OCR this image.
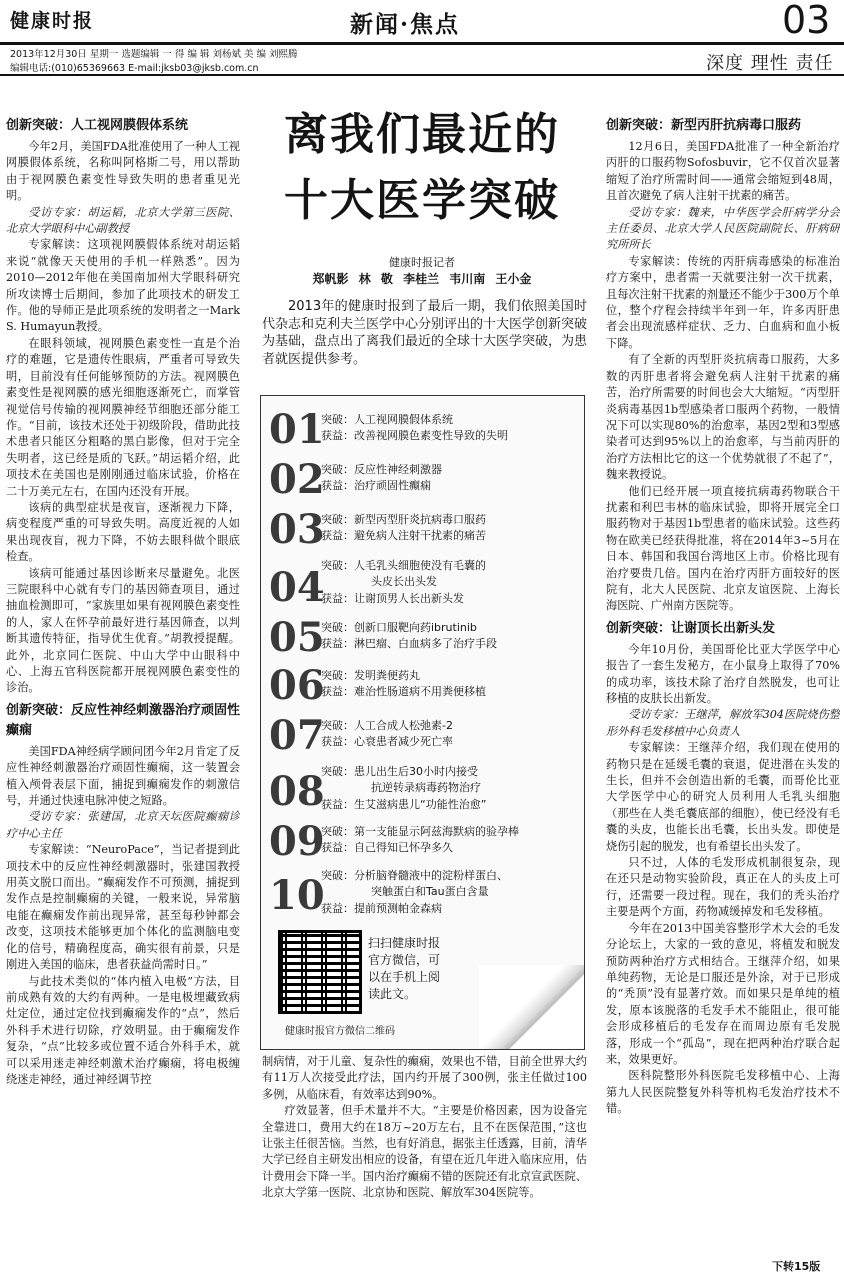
健康时报	新闻·焦点	03
2013年12月30日 星期一 选题编辑 一 得 编 辑 刘杨斌 美 编 刘熙腾
编辑电话:(010)65369663 E-mail:jksb03@jksb.com.cn	深度 理性 责任
创新突破：人工视网膜假体系统

今年2月，美国FDA批准使用了一种人工视网膜假体系统，名称叫阿格斯二号，用以帮助由于视网膜色素变性导致失明的患者重见光明。

受访专家：胡运韬，北京大学第三医院、北京大学眼科中心副教授

专家解读：这项视网膜假体系统对胡运韬来说“就像天天使用的手机一样熟悉”。因为2010—2012年他在美国南加州大学眼科研究所攻读博士后期间，参加了此项技术的研发工作。他的导师正是此项系统的发明者之一Mark S. Humayun教授。

在眼科领域，视网膜色素变性一直是个治疗的难题，它是遗传性眼病，严重者可导致失明，目前没有任何能够预防的方法。视网膜色素变性是视网膜的感光细胞逐渐死亡，而掌管视觉信号传输的视网膜神经节细胞还部分能工作。“目前，该技术还处于初级阶段，借助此技术患者只能区分粗略的黑白影像，但对于完全失明者，这已经是质的飞跃。”胡运韬介绍，此项技术在美国也是刚刚通过临床试验，价格在二十万美元左右，在国内还没有开展。

该病的典型症状是夜盲，逐渐视力下降，病变程度严重的可导致失明。高度近视的人如果出现夜盲，视力下降，不妨去眼科做个眼底检查。

该病可能通过基因诊断来尽量避免。北医三院眼科中心就有专门的基因筛查项目，通过抽血检测即可，“家族里如果有视网膜色素变性的人，家人在怀孕前最好进行基因筛查，以判断其遗传特征，指导优生优育。”胡教授提醒。此外，北京同仁医院、中山大学中山眼科中心、上海五官科医院都开展视网膜色素变性的诊治。

创新突破：反应性神经刺激器治疗顽固性癫痫

美国FDA神经病学顾问团今年2月肯定了反应性神经刺激器治疗顽固性癫痫，这一装置会植入颅骨表层下面，捕捉到癫痫发作的刺激信号，并通过快速电脉冲使之短路。

受访专家：张建国，北京天坛医院癫痫诊疗中心主任

专家解读：“NeuroPace”，当记者提到此项技术中的反应性神经刺激器时，张建国教授用英文脱口而出。“癫痫发作不可预测，捕捉到发作点是控制癫痫的关键，一般来说，异常脑电能在癫痫发作前出现异常，甚至每秒钟都会改变，这项技术能够更加个体化的监测脑电变化的信号，精确程度高，确实很有前景，只是刚进入美国的临床，患者获益尚需时日。”

与此技术类似的“体内植入电极”方法，目前成熟有效的大约有两种。一是电极埋藏致病灶定位，通过定位找到癫痫发作的“点”，然后外科手术进行切除，疗效明显。由于癫痫发作复杂，“点”比较多或位置不适合外科手术，就可以采用迷走神经刺激术治疗癫痫，将电极缠绕迷走神经，通过神经调节控

离我们最近的
十大医学突破
健康时报记者
郑帆影 林 敬 李桂兰 韦川南 王小金

2013年的健康时报到了最后一期，我们依照美国时代杂志和克利夫兰医学中心分别评出的十大医学创新突破为基础，盘点出了离我们最近的全球十大医学突破，为患者就医提供参考。

01
突破：人工视网膜假体系统
获益：改善视网膜色素变性导致的失明
02
突破：反应性神经刺激器
获益：治疗顽固性癫痫
03
突破：新型丙型肝炎抗病毒口服药
获益：避免病人注射干扰素的痛苦
04
突破：人毛乳头细胞使没有毛囊的
头皮长出头发
获益：让谢顶男人长出新头发
05
突破：创新口服靶向药ibrutinib
获益：淋巴瘤、白血病多了治疗手段
06
突破：发明粪便药丸
获益：难治性肠道病不用粪便移植
07
突破：人工合成人松弛素-2
获益：心衰患者减少死亡率
08
突破：患儿出生后30小时内接受
抗逆转录病毒药物治疗
获益：生艾滋病患儿“功能性治愈”
09
突破：第一支能显示阿兹海默病的验孕棒
获益：自己得知已怀孕多久
10
突破：分析脑脊髓液中的淀粉样蛋白、
突触蛋白和Tau蛋白含量
获益：提前预测帕金森病
扫扫健康时报官方微信，可以在手机上阅读此文。
健康时报官方微信二维码

制病情，对于儿童、复杂性的癫痫，效果也不错，目前全世界大约有11万人次接受此疗法，国内约开展了300例，张主任做过100多例，从临床看，有效率达到90%。

疗效显著，但手术量并不大。“主要是价格因素，因为设备完全靠进口，费用大约在18万~20万左右，且不在医保范围，”这也让张主任很苦恼。当然，也有好消息，据张主任透露，目前，清华大学已经自主研发出相应的设备，有望在近几年进入临床应用，估计费用会下降一半。国内治疗癫痫不错的医院还有北京宣武医院、北京大学第一医院、北京协和医院、解放军304医院等。

创新突破：新型丙肝抗病毒口服药

12月6日，美国FDA批准了一种全新治疗丙肝的口服药物Sofosbuvir，它不仅首次显著缩短了治疗所需时间——通常会缩短到48周，且首次避免了病人注射干扰素的痛苦。

受访专家：魏来，中华医学会肝病学分会主任委员、北京大学人民医院副院长、肝病研究所所长

专家解读：传统的丙肝病毒感染的标准治疗方案中，患者需一天就要注射一次干扰素，且每次注射干扰素的剂量还不能少于300万个单位，整个疗程会持续半年到一年，许多丙肝患者会出现流感样症状、乏力、白血病和血小板下降。

有了全新的丙型肝炎抗病毒口服药，大多数的丙肝患者将会避免病人注射干扰素的痛苦，治疗所需要的时间也会大大缩短。“丙型肝炎病毒基因1b型感染者口服两个药物，一般情况下可以实现80%的治愈率，基因2型和3型感染者可达到95%以上的治愈率，与当前丙肝的治疗方法相比它的这一个优势就很了不起了”，魏来教授说。

他们已经开展一项直接抗病毒药物联合干扰素和利巴韦林的临床试验，即将开展完全口服药物对于基因1b型患者的临床试验。这些药物在欧美已经获得批准，将在2014年3~5月在日本、韩国和我国台湾地区上市。价格比现有治疗要贵几倍。国内在治疗丙肝方面较好的医院有，北大人民医院、北京友谊医院、上海长海医院、广州南方医院等。

创新突破：让谢顶长出新头发

今年10月份，美国哥伦比亚大学医学中心报告了一套生发秘方，在小鼠身上取得了70%的成功率，该技术除了治疗自然脱发，也可让移植的皮肤长出新发。

受访专家：王继萍，解放军304医院烧伤整形外科毛发移植中心负责人

专家解读：王继萍介绍，我们现在使用的药物只是在延缓毛囊的衰退，促进潜在头发的生长，但并不会创造出新的毛囊，而哥伦比亚大学医学中心的研究人员利用人毛乳头细胞（那些在人类毛囊底部的细胞），使已经没有毛囊的头皮，也能长出毛囊，长出头发。即使是烧伤引起的脱发，也有希望长出头发了。

只不过，人体的毛发形成机制很复杂，现在还只是动物实验阶段，真正在人的头皮上可行，还需要一段过程。现在，我们的秃头治疗主要是两个方面，药物减缓掉发和毛发移植。

今年在2013中国美容整形学术大会的毛发分论坛上，大家的一致的意见，将植发和脱发预防两种治疗方式相结合。王继萍介绍，如果单纯药物，无论是口服还是外涂，对于已形成的“秃顶”没有显著疗效。而如果只是单纯的植发，原本该脱落的毛发手术不能阻止，很可能会形成移植后的毛发存在而周边原有毛发脱落，形成一个“孤岛”，现在把两种治疗联合起来，效果更好。

医科院整形外科医院毛发移植中心、上海第九人民医院整复外科等机构毛发治疗技术不错。

下转15版
